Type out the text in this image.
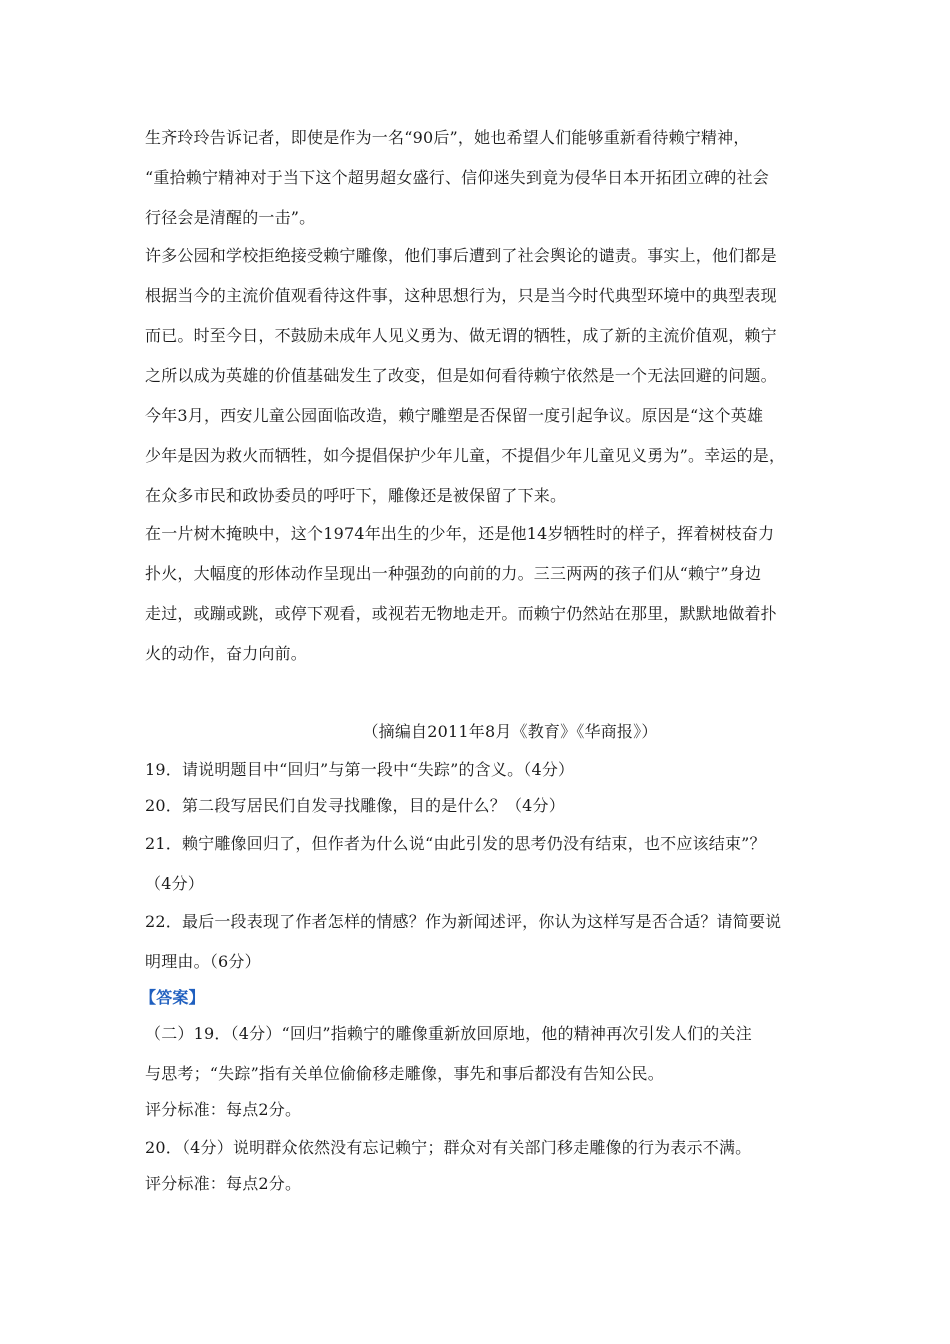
生齐玲玲告诉记者，即使是作为一名“90后”，她也希望人们能够重新看待赖宁精神，
“重拾赖宁精神对于当下这个超男超女盛行、信仰迷失到竟为侵华日本开拓团立碑的社会
行径会是清醒的一击”。
许多公园和学校拒绝接受赖宁雕像，他们事后遭到了社会舆论的谴责。事实上，他们都是
根据当今的主流价值观看待这件事，这种思想行为，只是当今时代典型环境中的典型表现
而已。时至今日，不鼓励未成年人见义勇为、做无谓的牺牲，成了新的主流价值观，赖宁
之所以成为英雄的价值基础发生了改变，但是如何看待赖宁依然是一个无法回避的问题。
今年3月，西安儿童公园面临改造，赖宁雕塑是否保留一度引起争议。原因是“这个英雄
少年是因为救火而牺牲，如今提倡保护少年儿童，不提倡少年儿童见义勇为”。幸运的是，
在众多市民和政协委员的呼吁下，雕像还是被保留了下来。
在一片树木掩映中，这个1974年出生的少年，还是他14岁牺牲时的样子，挥着树枝奋力
扑火，大幅度的形体动作呈现出一种强劲的向前的力。三三两两的孩子们从“赖宁”身边
走过，或蹦或跳，或停下观看，或视若无物地走开。而赖宁仍然站在那里，默默地做着扑
火的动作，奋力向前。
（摘编自2011年8月《教育》《华商报》）
19．请说明题目中“回归”与第一段中“失踪”的含义。（4分）
20．第二段写居民们自发寻找雕像，目的是什么？（4分）
21．赖宁雕像回归了，但作者为什么说“由此引发的思考仍没有结束，也不应该结束”？
（4分）
22．最后一段表现了作者怎样的情感？作为新闻述评，你认为这样写是否合适？请简要说
明理由。（6分）
【答案】
（二）19．（4分）“回归”指赖宁的雕像重新放回原地，他的精神再次引发人们的关注
与思考；“失踪”指有关单位偷偷移走雕像，事先和事后都没有告知公民。
评分标准：每点2分。
20．（4分）说明群众依然没有忘记赖宁；群众对有关部门移走雕像的行为表示不满。
评分标准：每点2分。
